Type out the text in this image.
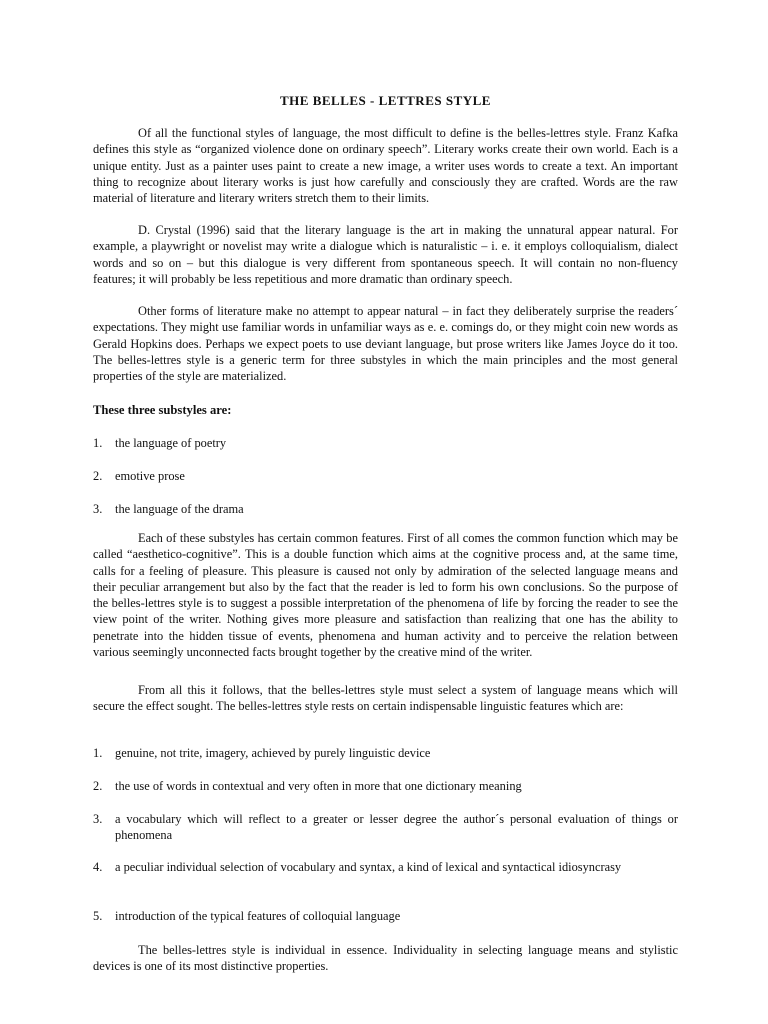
THE BELLES - LETTRES STYLE

Of all the functional styles of language, the most difficult to define is the belles-lettres style. Franz Kafka defines this style as “organized violence done on ordinary speech”. Literary works create their own world. Each is a unique entity. Just as a painter uses paint to create a new image, a writer uses words to create a text. An important thing to recognize about literary works is just how carefully and consciously they are crafted. Words are the raw material of literature and literary writers stretch them to their limits.

D. Crystal (1996) said that the literary language is the art in making the unnatural appear natural. For example, a playwright or novelist may write a dialogue which is naturalistic – i. e. it employs colloquialism, dialect words and so on – but this dialogue is very different from spontaneous speech. It will contain no non-fluency features; it will probably be less repetitious and more dramatic than ordinary speech.

Other forms of literature make no attempt to appear natural – in fact they deliberately surprise the readers´ expectations. They might use familiar words in unfamiliar ways as e. e. comings do, or they might coin new words as Gerald Hopkins does. Perhaps we expect poets to use deviant language, but prose writers like James Joyce do it too. The belles-lettres style is a generic term for three substyles in which the main principles and the most general properties of the style are materialized.

These three substyles are:

1. the language of poetry
2. emotive prose
3. the language of the drama

Each of these substyles has certain common features. First of all comes the common function which may be called “aesthetico-cognitive”. This is a double function which aims at the cognitive process and, at the same time, calls for a feeling of pleasure. This pleasure is caused not only by admiration of the selected language means and their peculiar arrangement but also by the fact that the reader is led to form his own conclusions. So the purpose of the belles-lettres style is to suggest a possible interpretation of the phenomena of life by forcing the reader to see the view point of the writer. Nothing gives more pleasure and satisfaction than realizing that one has the ability to penetrate into the hidden tissue of events, phenomena and human activity and to perceive the relation between various seemingly unconnected facts brought together by the creative mind of the writer.

From all this it follows, that the belles-lettres style must select a system of language means which will secure the effect sought. The belles-lettres style rests on certain indispensable linguistic features which are:

1. genuine, not trite, imagery, achieved by purely linguistic device
2. the use of words in contextual and very often in more that one dictionary meaning
3. a vocabulary which will reflect to a greater or lesser degree the author´s personal evaluation of things or phenomena
4. a peculiar individual selection of vocabulary and syntax, a kind of lexical and syntactical idiosyncrasy
5. introduction of the typical features of colloquial language

The belles-lettres style is individual in essence. Individuality in selecting language means and stylistic devices is one of its most distinctive properties.
